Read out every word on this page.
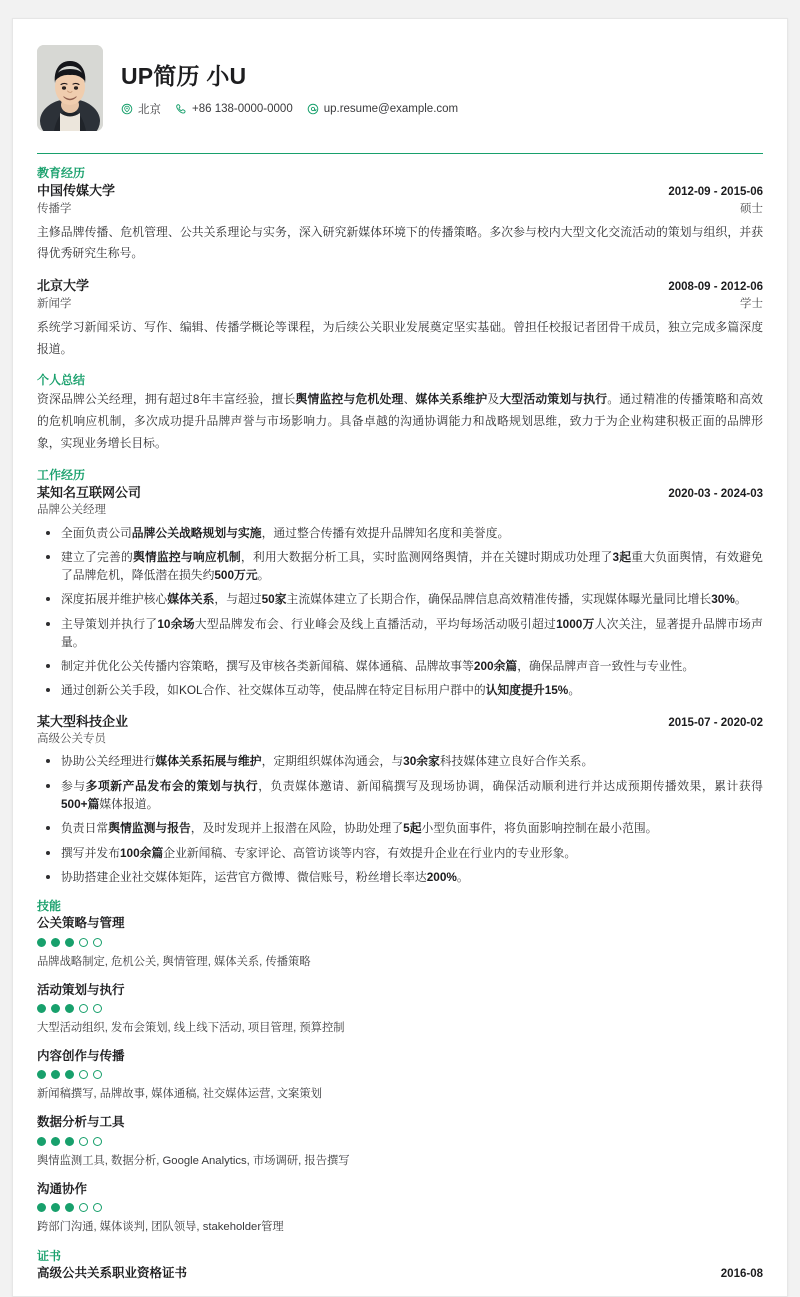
UP简历 小U
北京	+86 138-0000-0000	up.resume@example.com
教育经历
中国传媒大学	2012-09 - 2015-06
传播学	硕士
主修品牌传播、危机管理、公共关系理论与实务，深入研究新媒体环境下的传播策略。多次参与校内大型文化交流活动的策划与组织，并获得优秀研究生称号。
北京大学	2008-09 - 2012-06
新闻学	学士
系统学习新闻采访、写作、编辑、传播学概论等课程，为后续公关职业发展奠定坚实基础。曾担任校报记者团骨干成员，独立完成多篇深度报道。
个人总结
资深品牌公关经理，拥有超过8年丰富经验，擅长舆情监控与危机处理、媒体关系维护及大型活动策划与执行。通过精准的传播策略和高效的危机响应机制，多次成功提升品牌声誉与市场影响力。具备卓越的沟通协调能力和战略规划思维，致力于为企业构建积极正面的品牌形象，实现业务增长目标。
工作经历
某知名互联网公司	2020-03 - 2024-03
品牌公关经理
全面负责公司品牌公关战略规划与实施，通过整合传播有效提升品牌知名度和美誉度。
建立了完善的舆情监控与响应机制，利用大数据分析工具，实时监测网络舆情，并在关键时期成功处理了3起重大负面舆情，有效避免了品牌危机，降低潜在损失约500万元。
深度拓展并维护核心媒体关系，与超过50家主流媒体建立了长期合作，确保品牌信息高效精准传播，实现媒体曝光量同比增长30%。
主导策划并执行了10余场大型品牌发布会、行业峰会及线上直播活动，平均每场活动吸引超过1000万人次关注，显著提升品牌市场声量。
制定并优化公关传播内容策略，撰写及审核各类新闻稿、媒体通稿、品牌故事等200余篇，确保品牌声音一致性与专业性。
通过创新公关手段，如KOL合作、社交媒体互动等，使品牌在特定目标用户群中的认知度提升15%。
某大型科技企业	2015-07 - 2020-02
高级公关专员
协助公关经理进行媒体关系拓展与维护，定期组织媒体沟通会，与30余家科技媒体建立良好合作关系。
参与多项新产品发布会的策划与执行，负责媒体邀请、新闻稿撰写及现场协调，确保活动顺利进行并达成预期传播效果，累计获得500+篇媒体报道。
负责日常舆情监测与报告，及时发现并上报潜在风险，协助处理了5起小型负面事件，将负面影响控制在最小范围。
撰写并发布100余篇企业新闻稿、专家评论、高管访谈等内容，有效提升企业在行业内的专业形象。
协助搭建企业社交媒体矩阵，运营官方微博、微信账号，粉丝增长率达200%。
技能
公关策略与管理
品牌战略制定, 危机公关, 舆情管理, 媒体关系, 传播策略
活动策划与执行
大型活动组织, 发布会策划, 线上线下活动, 项目管理, 预算控制
内容创作与传播
新闻稿撰写, 品牌故事, 媒体通稿, 社交媒体运营, 文案策划
数据分析与工具
舆情监测工具, 数据分析, Google Analytics, 市场调研, 报告撰写
沟通协作
跨部门沟通, 媒体谈判, 团队领导, stakeholder管理
证书
高级公共关系职业资格证书	2016-08
